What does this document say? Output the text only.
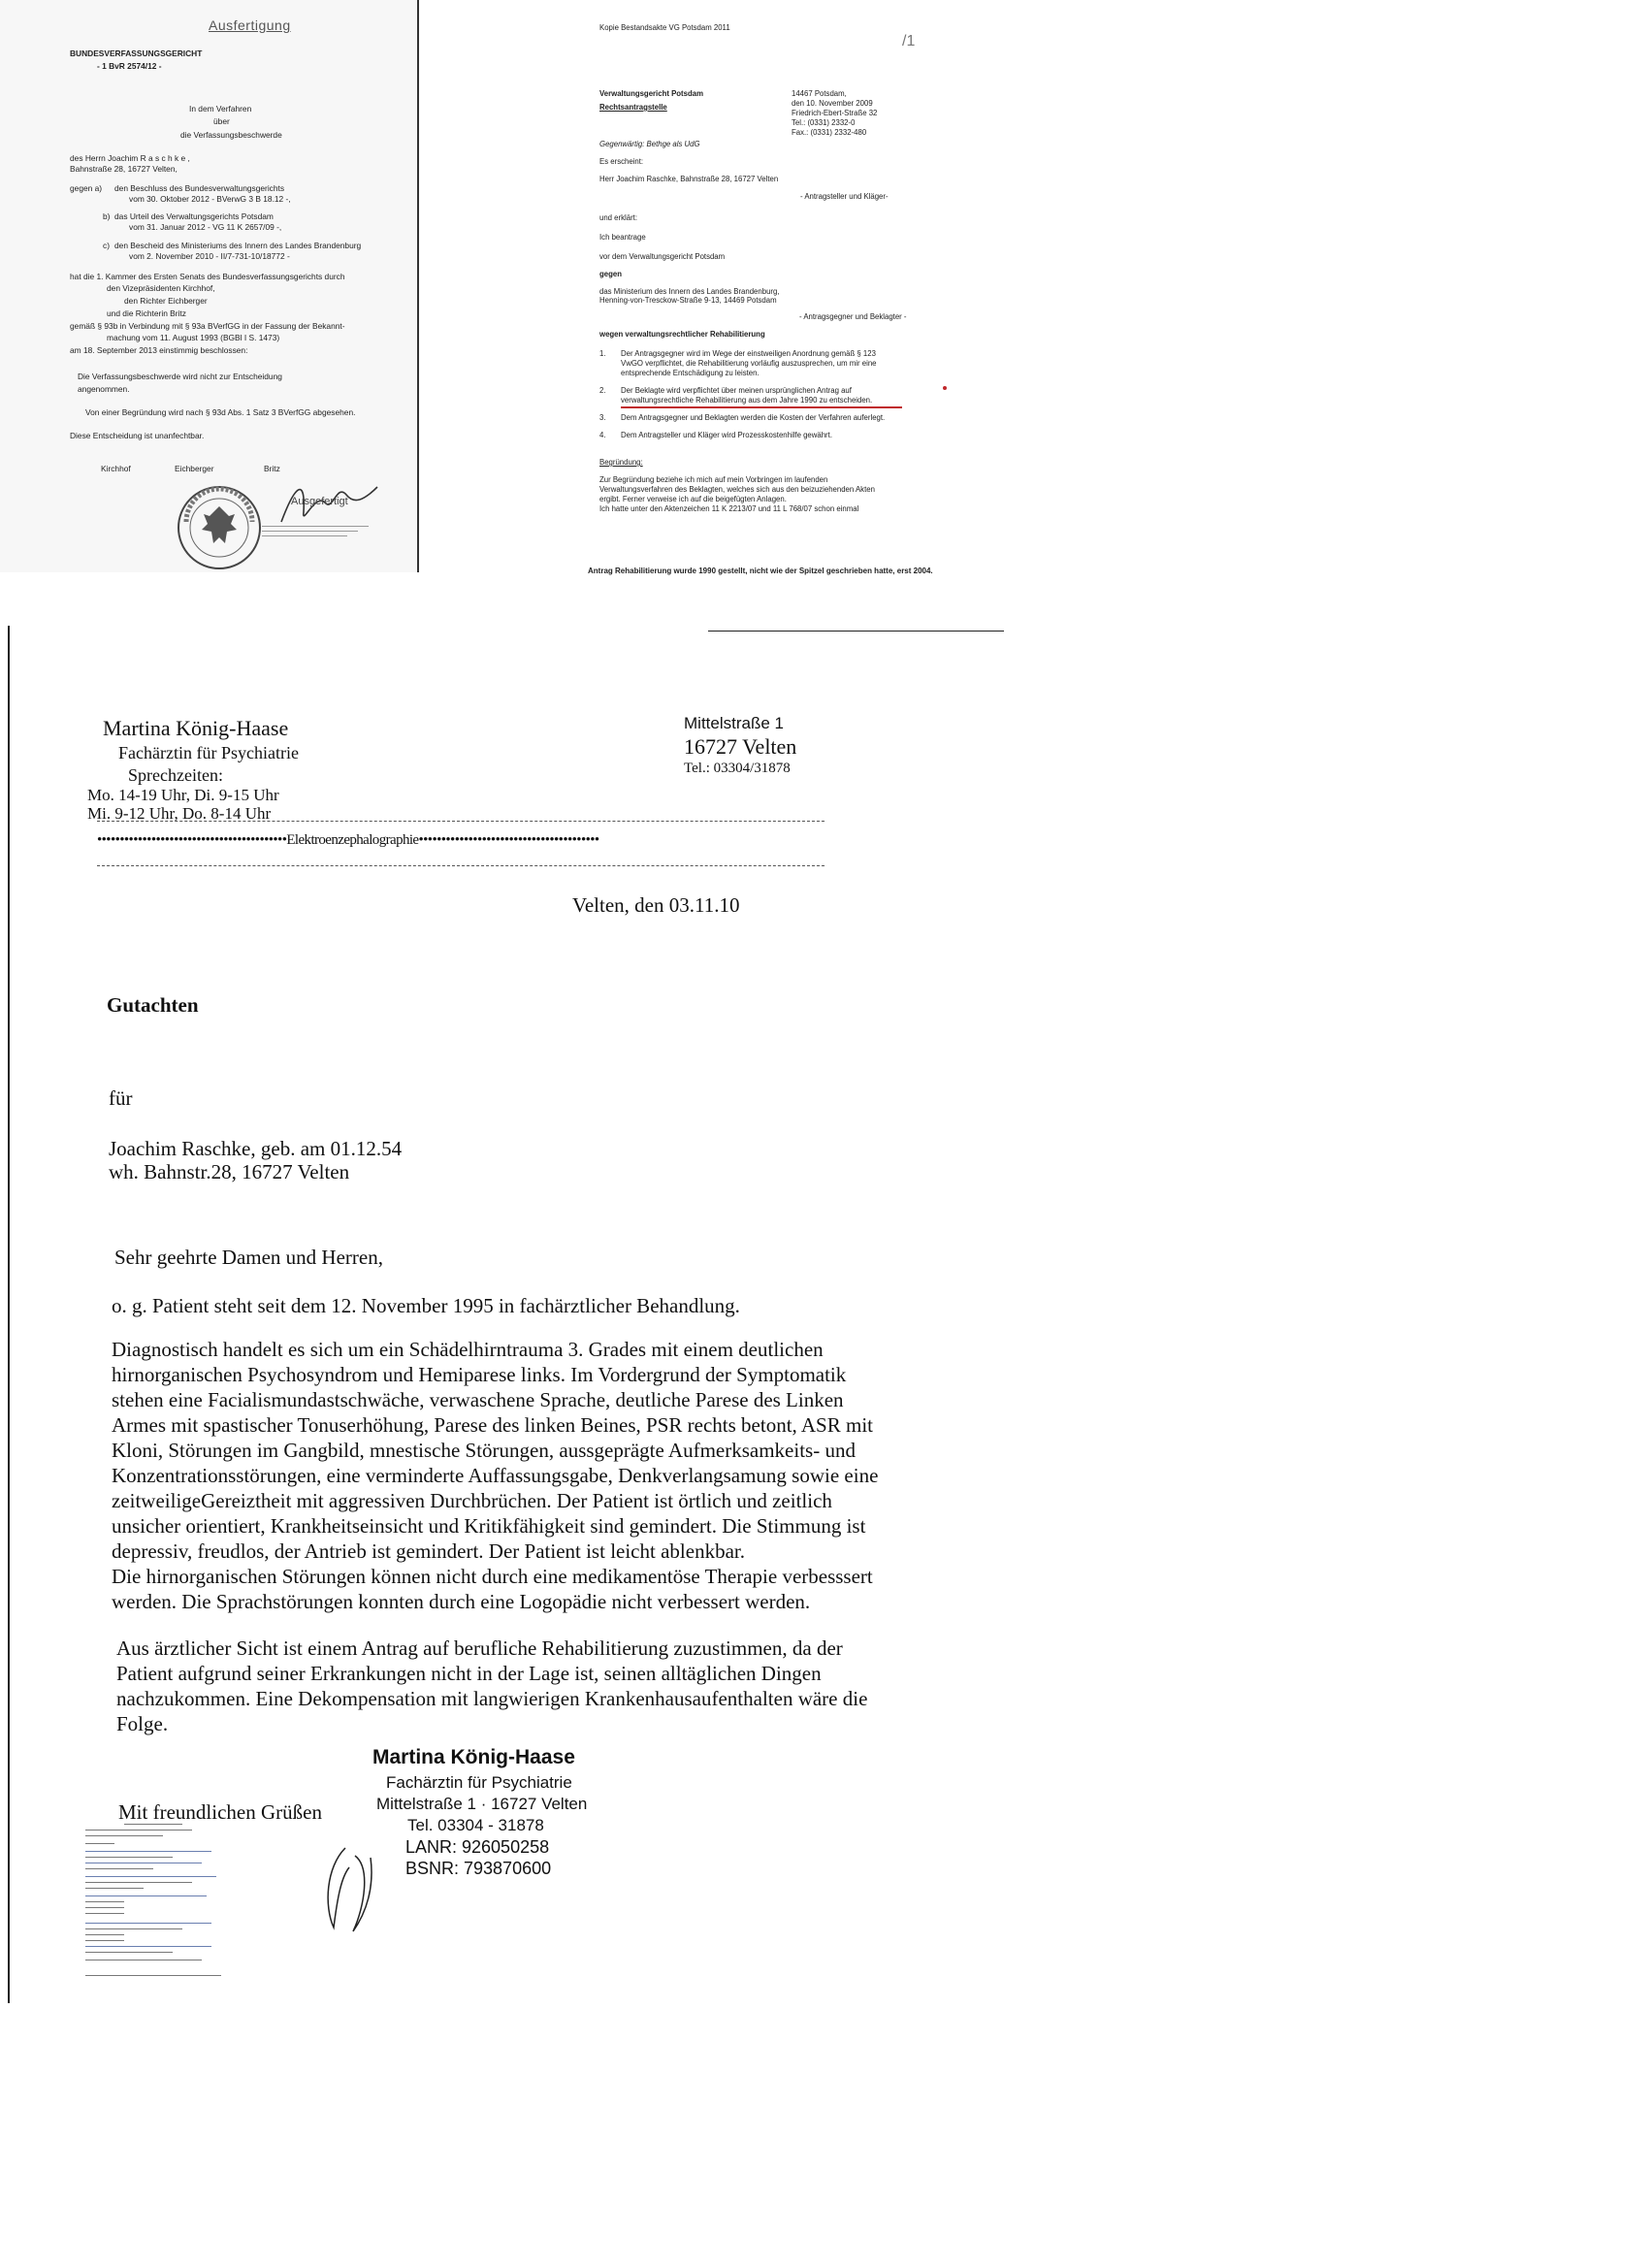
Ausfertigung
BUNDESVERFASSUNGSGERICHT
- 1 BvR 2574/12 -
In dem Verfahren
über
die Verfassungsbeschwerde
des Herrn Joachim R a s c h k e ,
Bahnstraße 28, 16727 Velten,
gegen a) den Beschluss des Bundesverwaltungsgerichts
vom 30. Oktober 2012 - BVerwG 3 B 18.12 -,
b) das Urteil des Verwaltungsgerichts Potsdam
vom 31. Januar 2012 - VG 11 K 2657/09 -,
c) den Bescheid des Ministeriums des Innern des Landes Brandenburg
vom 2. November 2010 - II/7-731-10/18772 -
hat die 1. Kammer des Ersten Senats des Bundesverfassungsgerichts durch
den Vizepräsidenten Kirchhof,
den Richter Eichberger
und die Richterin Britz
gemäß § 93b in Verbindung mit § 93a BVerfGG in der Fassung der Bekannt-
machung vom 11. August 1993 (BGBl I S. 1473)
am 18. September 2013 einstimmig beschlossen:
Die Verfassungsbeschwerde wird nicht zur Entscheidung
angenommen.
Von einer Begründung wird nach § 93d Abs. 1 Satz 3 BVerfGG abgesehen.
Diese Entscheidung ist unanfechtbar.
Kirchhof	Eichberger	Britz
Ausgefertigt
Kopie Bestandsakte VG Potsdam 2011
/1
Verwaltungsgericht Potsdam
Rechtsantragstelle
14467 Potsdam,
den 10. November 2009
Friedrich-Ebert-Straße 32
Tel.: (0331) 2332-0
Fax.: (0331) 2332-480
Gegenwärtig: Bethge als UdG
Es erscheint:
Herr Joachim Raschke, Bahnstraße 28, 16727 Velten
- Antragsteller und Kläger-
und erklärt:
Ich beantrage
vor dem Verwaltungsgericht Potsdam
gegen
das Ministerium des Innern des Landes Brandenburg,
Henning-von-Tresckow-Straße 9-13, 14469 Potsdam
- Antragsgegner und Beklagter -
wegen verwaltungsrechtlicher Rehabilitierung
1. Der Antragsgegner wird im Wege der einstweiligen Anordnung gemäß § 123
VwGO verpflichtet, die Rehabilitierung vorläufig auszusprechen, um mir eine
entsprechende Entschädigung zu leisten.
2. Der Beklagte wird verpflichtet über meinen ursprünglichen Antrag auf
verwaltungsrechtliche Rehabilitierung aus dem Jahre 1990 zu entscheiden.
3. Dem Antragsgegner und Beklagten werden die Kosten der Verfahren auferlegt.
4. Dem Antragsteller und Kläger wird Prozesskostenhilfe gewährt.
Begründung:
Zur Begründung beziehe ich mich auf mein Vorbringen im laufenden
Verwaltungsverfahren des Beklagten, welches sich aus den beizuziehenden Akten
ergibt. Ferner verweise ich auf die beigefügten Anlagen.
Ich hatte unter den Aktenzeichen 11 K 2213/07 und 11 L 768/07 schon einmal
Antrag Rehabilitierung wurde 1990 gestellt, nicht wie der Spitzel geschrieben hatte, erst 2004.
Martina König-Haase
Fachärztin für Psychiatrie
Sprechzeiten:
Mo. 14-19 Uhr, Di. 9-15 Uhr
Mi. 9-12 Uhr, Do. 8-14 Uhr
Mittelstraße 1
16727 Velten
Tel.: 03304/31878
••••••••••••••••••••••••••••••••••••••••••Elektroenzephalographie••••••••••••••••••••••••••••••••••••••••
Velten, den 03.11.10
Gutachten
für
Joachim Raschke, geb. am 01.12.54
wh. Bahnstr.28, 16727 Velten
Sehr geehrte Damen und Herren,
o. g. Patient steht seit dem 12. November 1995 in fachärztlicher Behandlung.
Diagnostisch handelt es sich um ein Schädelhirntrauma 3. Grades mit einem deutlichen
hirnorganischen Psychosyndrom und Hemiparese links. Im Vordergrund der Symptomatik
stehen eine Facialismundastschwäche, verwaschene Sprache, deutliche Parese des Linken
Armes mit spastischer Tonuserhöhung, Parese des linken Beines, PSR rechts betont, ASR mit
Kloni, Störungen im Gangbild, mnestische Störungen, aussgeprägte Aufmerksamkeits- und
Konzentrationsstörungen, eine verminderte Auffassungsgabe, Denkverlangsamung sowie eine
zeitweiligeGereiztheit mit aggressiven Durchbrüchen. Der Patient ist örtlich und zeitlich
unsicher orientiert, Krankheitseinsicht und Kritikfähigkeit sind gemindert. Die Stimmung ist
depressiv, freudlos, der Antrieb ist gemindert. Der Patient ist leicht ablenkbar.
Die hirnorganischen Störungen können nicht durch eine medikamentöse Therapie verbesssert
werden. Die Sprachstörungen konnten durch eine Logopädie nicht verbessert werden.
Aus ärztlicher Sicht ist einem Antrag auf berufliche Rehabilitierung zuzustimmen, da der
Patient aufgrund seiner Erkrankungen nicht in der Lage ist, seinen alltäglichen Dingen
nachzukommen. Eine Dekompensation mit langwierigen Krankenhausaufenthalten wäre die
Folge.
Martina König-Haase
Fachärztin für Psychiatrie
Mittelstraße 1 · 16727 Velten
Tel. 03304 - 31878
LANR: 926050258
BSNR: 793870600
Mit freundlichen Grüßen
